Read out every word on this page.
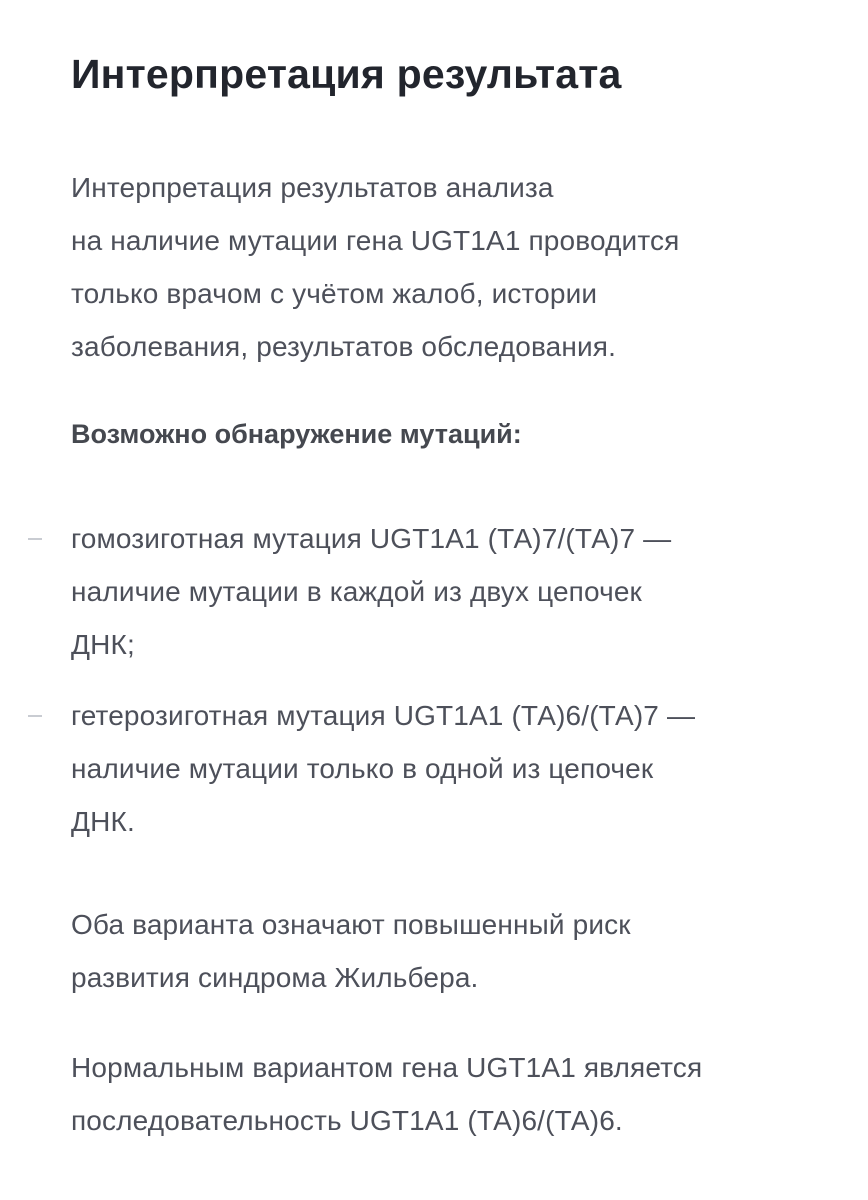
Интерпретация результата

Интерпретация результатов анализа
на наличие мутации гена UGT1A1 проводится
только врачом с учётом жалоб, истории
заболевания, результатов обследования.

Возможно обнаружение мутаций:

гомозиготная мутация UGT1A1 (ТА)7/(ТА)7 —
наличие мутации в каждой из двух цепочек
ДНК;

гетерозиготная мутация UGT1A1 (ТА)6/(ТА)7 —
наличие мутации только в одной из цепочек
ДНК.

Оба варианта означают повышенный риск
развития синдрома Жильбера.

Нормальным вариантом гена UGT1A1 является
последовательность UGT1A1 (ТА)6/(ТА)6.
